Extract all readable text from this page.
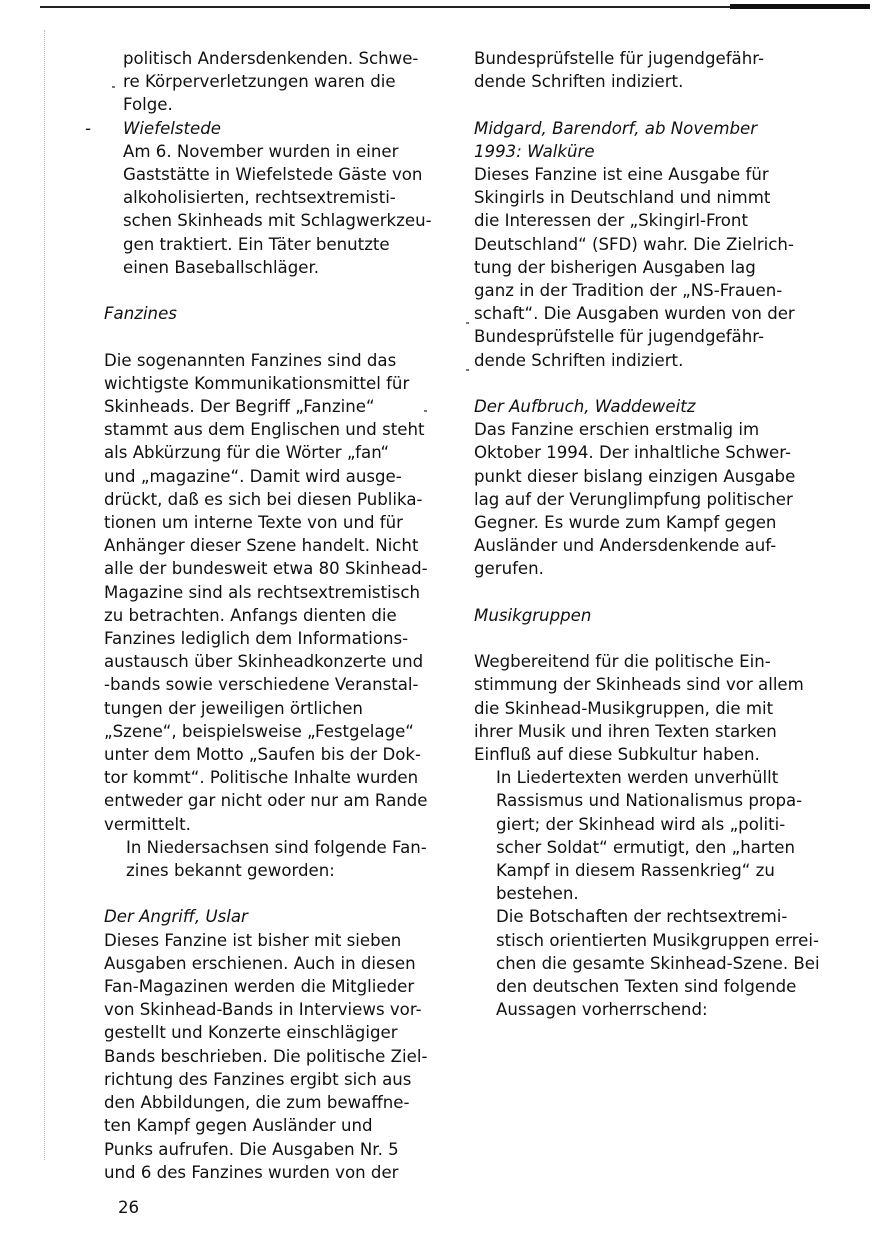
politisch Andersdenkenden. Schwe-
re Körperverletzungen waren die
Folge.
- Wiefelstede
Am 6. November wurden in einer
Gaststätte in Wiefelstede Gäste von
alkoholisierten, rechtsextremisti-
schen Skinheads mit Schlagwerkzeu-
gen traktiert. Ein Täter benutzte
einen Baseballschläger.
Fanzines
Die sogenannten Fanzines sind das
wichtigste Kommunikationsmittel für
Skinheads. Der Begriff „Fanzine“
stammt aus dem Englischen und steht
als Abkürzung für die Wörter „fan“
und „magazine“. Damit wird ausge-
drückt, daß es sich bei diesen Publika-
tionen um interne Texte von und für
Anhänger dieser Szene handelt. Nicht
alle der bundesweit etwa 80 Skinhead-
Magazine sind als rechtsextremistisch
zu betrachten. Anfangs dienten die
Fanzines lediglich dem Informations-
austausch über Skinheadkonzerte und
-bands sowie verschiedene Veranstal-
tungen der jeweiligen örtlichen
„Szene“, beispielsweise „Festgelage“
unter dem Motto „Saufen bis der Dok-
tor kommt“. Politische Inhalte wurden
entweder gar nicht oder nur am Rande
vermittelt.
In Niedersachsen sind folgende Fan-
zines bekannt geworden:
Der Angriff, Uslar
Dieses Fanzine ist bisher mit sieben
Ausgaben erschienen. Auch in diesen
Fan-Magazinen werden die Mitglieder
von Skinhead-Bands in Interviews vor-
gestellt und Konzerte einschlägiger
Bands beschrieben. Die politische Ziel-
richtung des Fanzines ergibt sich aus
den Abbildungen, die zum bewaffne-
ten Kampf gegen Ausländer und
Punks aufrufen. Die Ausgaben Nr. 5
und 6 des Fanzines wurden von der
Bundesprüfstelle für jugendgefähr-
dende Schriften indiziert.
Midgard, Barendorf, ab November
1993: Walküre
Dieses Fanzine ist eine Ausgabe für
Skingirls in Deutschland und nimmt
die Interessen der „Skingirl-Front
Deutschland“ (SFD) wahr. Die Zielrich-
tung der bisherigen Ausgaben lag
ganz in der Tradition der „NS-Frauen-
schaft“. Die Ausgaben wurden von der
Bundesprüfstelle für jugendgefähr-
dende Schriften indiziert.
Der Aufbruch, Waddeweitz
Das Fanzine erschien erstmalig im
Oktober 1994. Der inhaltliche Schwer-
punkt dieser bislang einzigen Ausgabe
lag auf der Verunglimpfung politischer
Gegner. Es wurde zum Kampf gegen
Ausländer und Andersdenkende auf-
gerufen.
Musikgruppen
Wegbereitend für die politische Ein-
stimmung der Skinheads sind vor allem
die Skinhead-Musikgruppen, die mit
ihrer Musik und ihren Texten starken
Einfluß auf diese Subkultur haben.
In Liedertexten werden unverhüllt
Rassismus und Nationalismus propa-
giert; der Skinhead wird als „politi-
scher Soldat“ ermutigt, den „harten
Kampf in diesem Rassenkrieg“ zu
bestehen.
Die Botschaften der rechtsextremi-
stisch orientierten Musikgruppen errei-
chen die gesamte Skinhead-Szene. Bei
den deutschen Texten sind folgende
Aussagen vorherrschend:
26
